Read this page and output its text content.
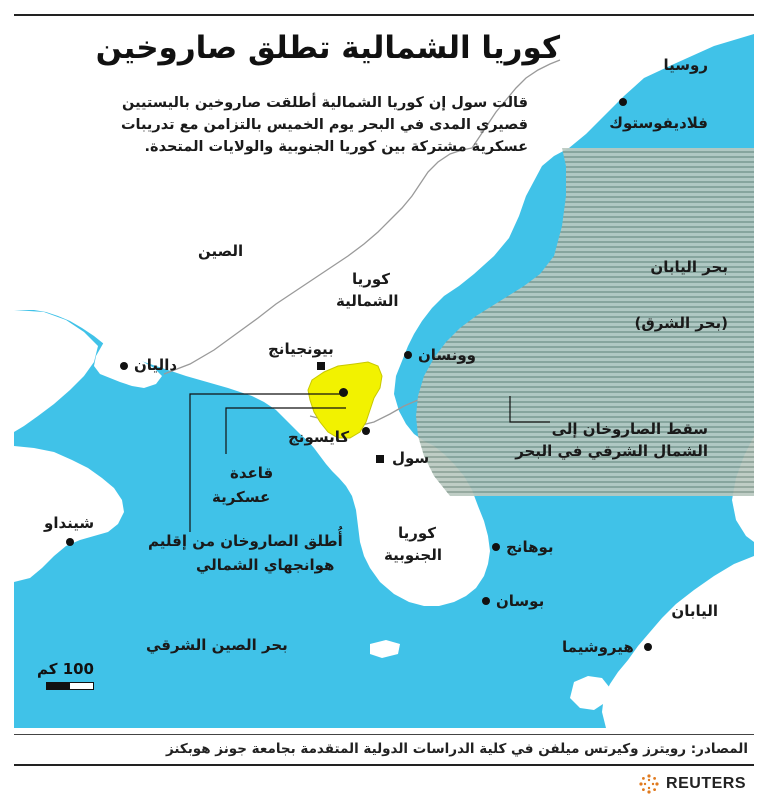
كوريا الشمالية تطلق صاروخين
قالت سول إن كوريا الشمالية أطلقت صاروخين باليستيين
قصيري المدى في البحر يوم الخميس بالتزامن مع تدريبات
عسكرية مشتركة بين كوريا الجنوبية والولايات المتحدة.
روسيا
فلاديفوستوك
بحر اليابان
(بحر الشرق)
الصين
كوريا
الشمالية
بيونجيانج	وونسان
داليان
سقط الصاروخان إلى
الشمال الشرقي في البحر
كايسونج
سول
قاعدة
عسكرية
أُطلق الصاروخان من إقليم
هوانجهاي الشمالي
كوريا
الجنوبية	بوهانج
بوسان
شينداو
اليابان
هيروشيما
بحر الصين الشرقي
100 كم
المصادر: رويترز وكيرتس ميلفن في كلية الدراسات الدولية المتقدمة بجامعة جونز هوبكنز
REUTERS
